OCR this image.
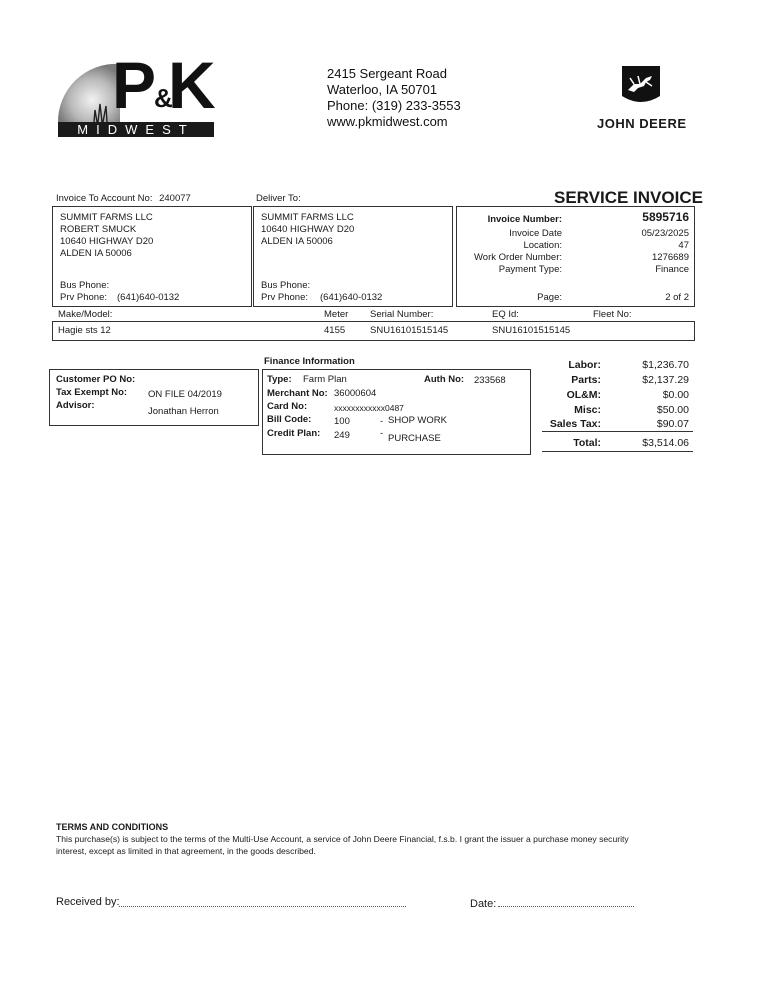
P
&
K
MIDWEST
2415 Sergeant Road
Waterloo, IA 50701
Phone: (319) 233-3553
www.pkmidwest.com	JOHN DEERE
Invoice To Account No: 240077	Deliver To:	SERVICE INVOICE
SUMMIT FARMS LLC
ROBERT SMUCK
10640 HIGHWAY D20
ALDEN IA 50006
Bus Phone:
Prv Phone: (641)640-0132
SUMMIT FARMS LLC
10640 HIGHWAY D20
ALDEN IA 50006
Bus Phone:
Prv Phone: (641)640-0132
Invoice Number:	5895716
Invoice Date	05/23/2025
Location:	47
Work Order Number:	1276689
Payment Type:	Finance
Page:	2 of 2
Make/Model:	Meter Serial Number:	EQ Id:	Fleet No:
Hagie sts 12	4155	SNU16101515145	SNU16101515145
Customer PO No:
Tax Exempt No: ON FILE 04/2019
Advisor:
Jonathan Herron
Finance Information
Type: Farm Plan	Auth No: 233568
Merchant No: 36000604
Card No:	xxxxxxxxxxxx0487
Bill Code: 100	- SHOP WORK
Credit Plan: 249	- PURCHASE
Labor:	$1,236.70
Parts:	$2,137.29
OL&M:	$0.00
Misc:	$50.00
Sales Tax:	$90.07
Total:	$3,514.06
TERMS AND CONDITIONS
This purchase(s) is subject to the terms of the Multi-Use Account, a service of John Deere Financial, f.s.b. I grant the issuer a purchase money security
interest, except as limited in that agreement, in the goods described.
Received by:	Date:
